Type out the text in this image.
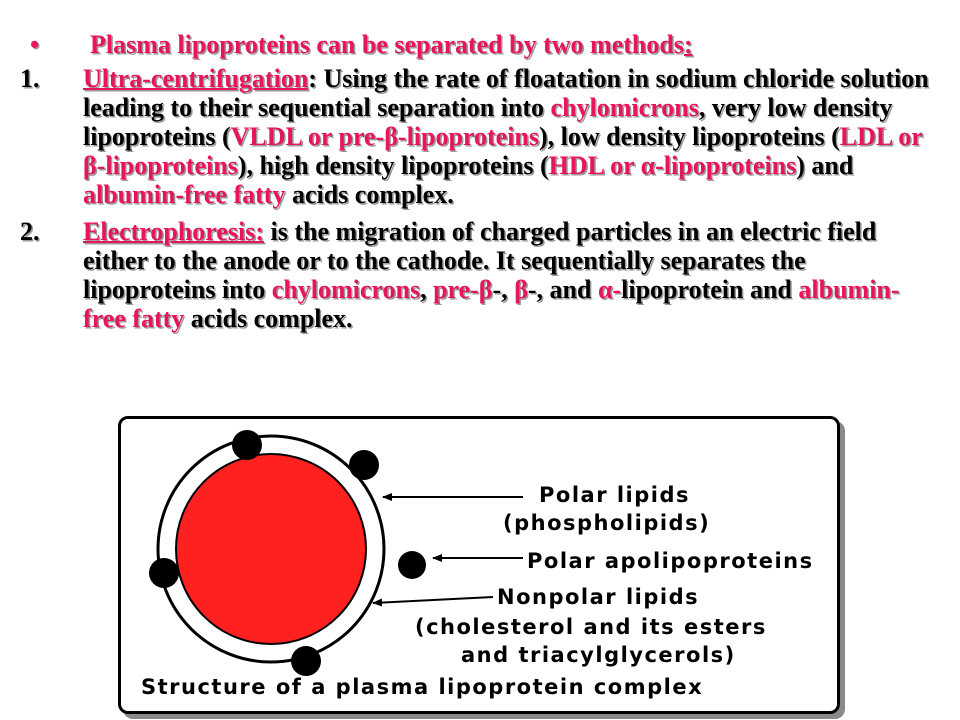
• Plasma lipoproteins can be separated by two methods:
1.	Ultra-centrifugation: Using the rate of floatation in sodium chloride solution leading to their sequential separation into chylomicrons, very low density lipoproteins (VLDL or pre-β-lipoproteins), low density lipoproteins (LDL or β-lipoproteins), high density lipoproteins (HDL or α-lipoproteins) and albumin-free fatty acids complex.
2.	Electrophoresis: is the migration of charged particles in an electric field either to the anode or to the cathode. It sequentially separates the lipoproteins into chylomicrons, pre-β-, β-, and α-lipoprotein and albumin-free fatty acids complex.
Polar lipids
(phospholipids)
Polar apolipoproteins
Nonpolar lipids
(cholesterol and its esters
and triacylglycerols)
Structure of a plasma lipoprotein complex
